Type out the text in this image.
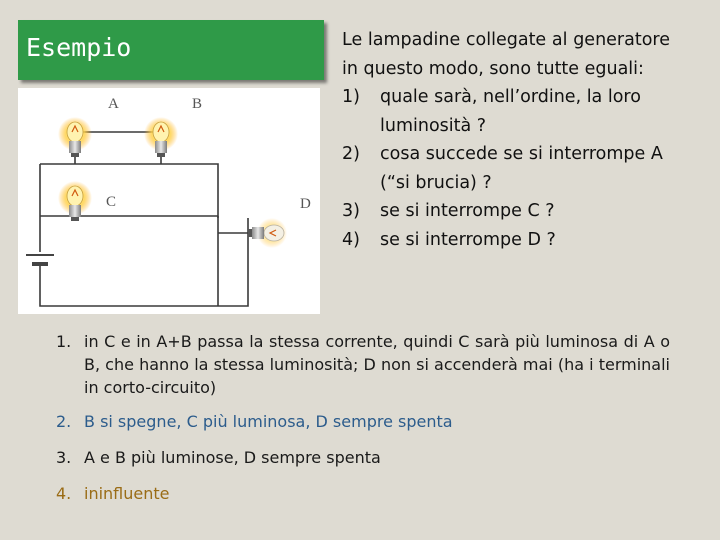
Esempio
A	B
C	D

Le lampadine collegate al generatore in questo modo, sono tutte eguali:

1) quale sarà, nell’ordine, la loro luminosità ?
2) cosa succede se si interrompe A (“si brucia) ?
3) se si interrompe C ?
4) se si interrompe D ?
1. in C e in A+B passa la stessa corrente, quindi C sarà più luminosa di A o B, che hanno la stessa luminosità; D non si accenderà mai (ha i terminali in corto-circuito)
2. B si spegne, C più luminosa, D sempre spenta
3. A e B più luminose, D sempre spenta
4. ininfluente
